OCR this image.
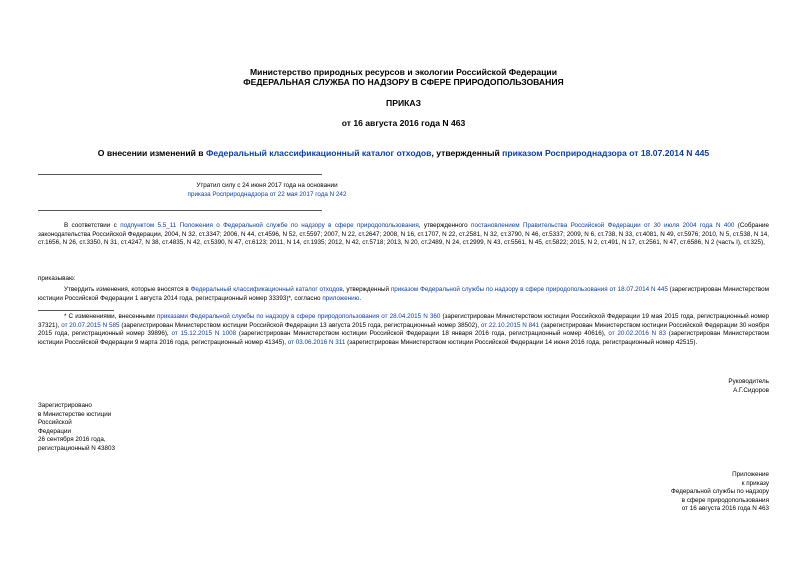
Министерство природных ресурсов и экологии Российской Федерации
ФЕДЕРАЛЬНАЯ СЛУЖБА ПО НАДЗОРУ В СФЕРЕ ПРИРОДОПОЛЬЗОВАНИЯ
ПРИКАЗ
от 16 августа 2016 года N 463
О внесении изменений в Федеральный классификационный каталог отходов, утвержденный приказом Росприроднадзора от 18.07.2014 N 445
Утратил силу с 24 июня 2017 года на основании
приказа Росприроднадзора от 22 мая 2017 года N 242
В соответствии с подпунктом 5.5_11 Положения о Федеральной службе по надзору в сфере природопользования, утвержденного постановлением Правительства Российской Федерации от 30 июля 2004 года N 400 (Собрание законодательства Российской Федерации, 2004, N 32, ст.3347; 2006, N 44, ст.4596, N 52, ст.5597; 2007, N 22, ст.2647; 2008, N 16, ст.1707, N 22, ст.2581, N 32, ст.3790, N 46, ст.5337; 2009, N 6, ст.738, N 33, ст.4081, N 49, ст.5976; 2010, N 5, ст.538, N 14, ст.1656, N 26, ст.3350, N 31, ст.4247, N 38, ст.4835, N 42, ст.5390, N 47, ст.6123; 2011, N 14, ст.1935; 2012, N 42, ст.5718; 2013, N 20, ст.2489, N 24, ст.2999, N 43, ст.5561, N 45, ст.5822; 2015, N 2, ст.491, N 17, ст.2561, N 47, ст.6586, N 2 (часть I), ст.325),
приказываю:
Утвердить изменения, которые вносятся в Федеральный классификационный каталог отходов, утвержденный приказом Федеральной службы по надзору в сфере природопользования от 18.07.2014 N 445 (зарегистрирован Министерством юстиции Российской Федерации 1 августа 2014 года, регистрационный номер 33393)*, согласно приложению.
* С изменениями, внесенными приказами Федеральной службы по надзору в сфере природопользования от 28.04.2015 N 360 (зарегистрирован Министерством юстиции Российской Федерации 19 мая 2015 года, регистрационный номер 37321), от 20.07.2015 N 585 (зарегистрирован Министерством юстиции Российской Федерации 13 августа 2015 года, регистрационный номер 38502), от 22.10.2015 N 841 (зарегистрирован Министерством юстиции Российской Федерации 30 ноября 2015 года, регистрационный номер 39896), от 15.12.2015 N 1008 (зарегистрирован Министерством юстиции Российской Федерации 18 января 2016 года, регистрационный номер 40616), от 20.02.2016 N 83 (зарегистрирован Министерством юстиции Российской Федерации 9 марта 2016 года, регистрационный номер 41345), от 03.06.2016 N 311 (зарегистрирован Министерством юстиции Российской Федерации 14 июня 2016 года, регистрационный номер 42515).
Руководитель
А.Г.Сидоров
Зарегистрировано
в Министерстве юстиции
Российской
Федерации
26 сентября 2016 года,
регистрационный N 43803
Приложение
к приказу
Федеральной службы по надзору
в сфере природопользования
от 16 августа 2016 года N 463
